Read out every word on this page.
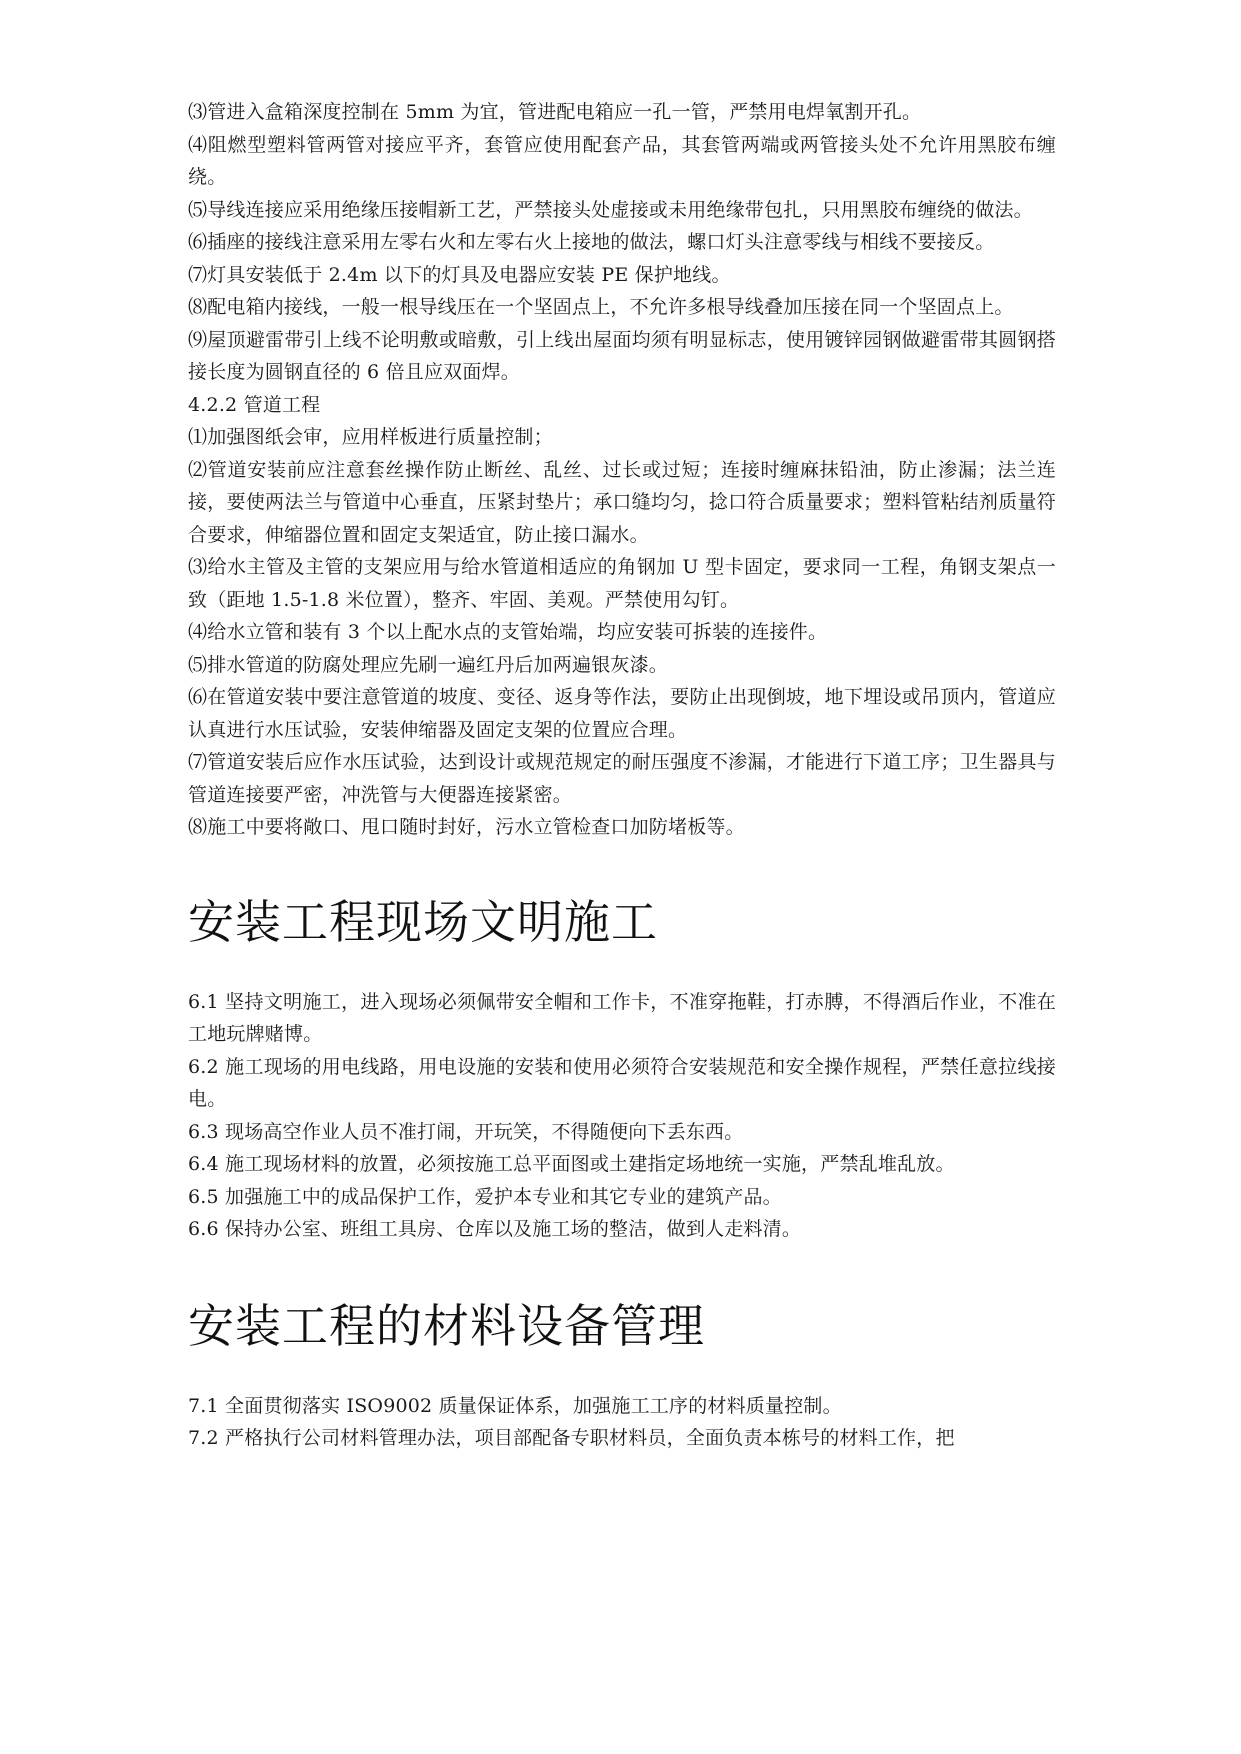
⑶管进入盒箱深度控制在 5mm 为宜，管进配电箱应一孔一管，严禁用电焊氧割开孔。

⑷阻燃型塑料管两管对接应平齐，套管应使用配套产品，其套管两端或两管接头处不允许用黑胶布缠绕。

⑸导线连接应采用绝缘压接帽新工艺，严禁接头处虚接或未用绝缘带包扎，只用黑胶布缠绕的做法。

⑹插座的接线注意采用左零右火和左零右火上接地的做法，螺口灯头注意零线与相线不要接反。

⑺灯具安装低于 2.4m 以下的灯具及电器应安装 PE 保护地线。

⑻配电箱内接线，一般一根导线压在一个坚固点上，不允许多根导线叠加压接在同一个坚固点上。

⑼屋顶避雷带引上线不论明敷或暗敷，引上线出屋面均须有明显标志，使用镀锌园钢做避雷带其圆钢搭接长度为圆钢直径的 6 倍且应双面焊。

4.2.2 管道工程

⑴加强图纸会审，应用样板进行质量控制；

⑵管道安装前应注意套丝操作防止断丝、乱丝、过长或过短；连接时缠麻抹铅油，防止渗漏；法兰连接，要使两法兰与管道中心垂直，压紧封垫片；承口缝均匀，捻口符合质量要求；塑料管粘结剂质量符合要求，伸缩器位置和固定支架适宜，防止接口漏水。

⑶给水主管及主管的支架应用与给水管道相适应的角钢加 U 型卡固定，要求同一工程，角钢支架点一致（距地 1.5-1.8 米位置），整齐、牢固、美观。严禁使用勾钉。

⑷给水立管和装有 3 个以上配水点的支管始端，均应安装可拆装的连接件。

⑸排水管道的防腐处理应先刷一遍红丹后加两遍银灰漆。

⑹在管道安装中要注意管道的坡度、变径、返身等作法，要防止出现倒坡，地下埋设或吊顶内，管道应认真进行水压试验，安装伸缩器及固定支架的位置应合理。

⑺管道安装后应作水压试验，达到设计或规范规定的耐压强度不渗漏，才能进行下道工序；卫生器具与管道连接要严密，冲洗管与大便器连接紧密。

⑻施工中要将敞口、甩口随时封好，污水立管检查口加防堵板等。

安装工程现场文明施工

6.1 坚持文明施工，进入现场必须佩带安全帽和工作卡，不准穿拖鞋，打赤膊，不得酒后作业，不准在工地玩牌赌博。

6.2 施工现场的用电线路，用电设施的安装和使用必须符合安装规范和安全操作规程，严禁任意拉线接电。

6.3 现场高空作业人员不准打闹，开玩笑，不得随便向下丢东西。

6.4 施工现场材料的放置，必须按施工总平面图或土建指定场地统一实施，严禁乱堆乱放。

6.5 加强施工中的成品保护工作，爱护本专业和其它专业的建筑产品。

6.6 保持办公室、班组工具房、仓库以及施工场的整洁，做到人走料清。

安装工程的材料设备管理

7.1 全面贯彻落实 ISO9002 质量保证体系，加强施工工序的材料质量控制。

7.2 严格执行公司材料管理办法，项目部配备专职材料员，全面负责本栋号的材料工作，把
